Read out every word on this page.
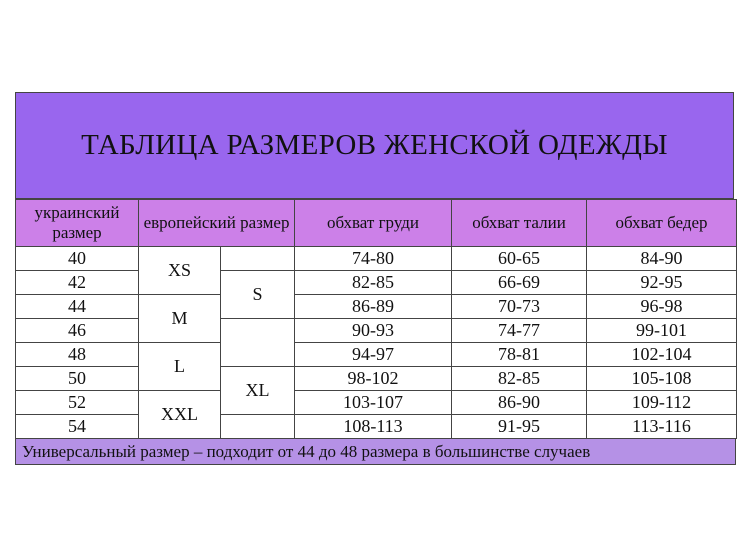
ТАБЛИЦА РАЗМЕРОВ ЖЕНСКОЙ ОДЕЖДЫ
украинский размер	европейский размер		обхват груди	обхват талии	обхват бедер
40	XS		74-80	60-65	84-90
42		S	82-85	66-69	92-95
44	M		86-89	70-73	96-98
46			90-93	74-77	99-101
48	L		94-97	78-81	102-104
50		XL	98-102	82-85	105-108
52	XXL		103-107	86-90	109-112
54			108-113	91-95	113-116
Универсальный размер – подходит от 44 до 48 размера в большинстве случаев
